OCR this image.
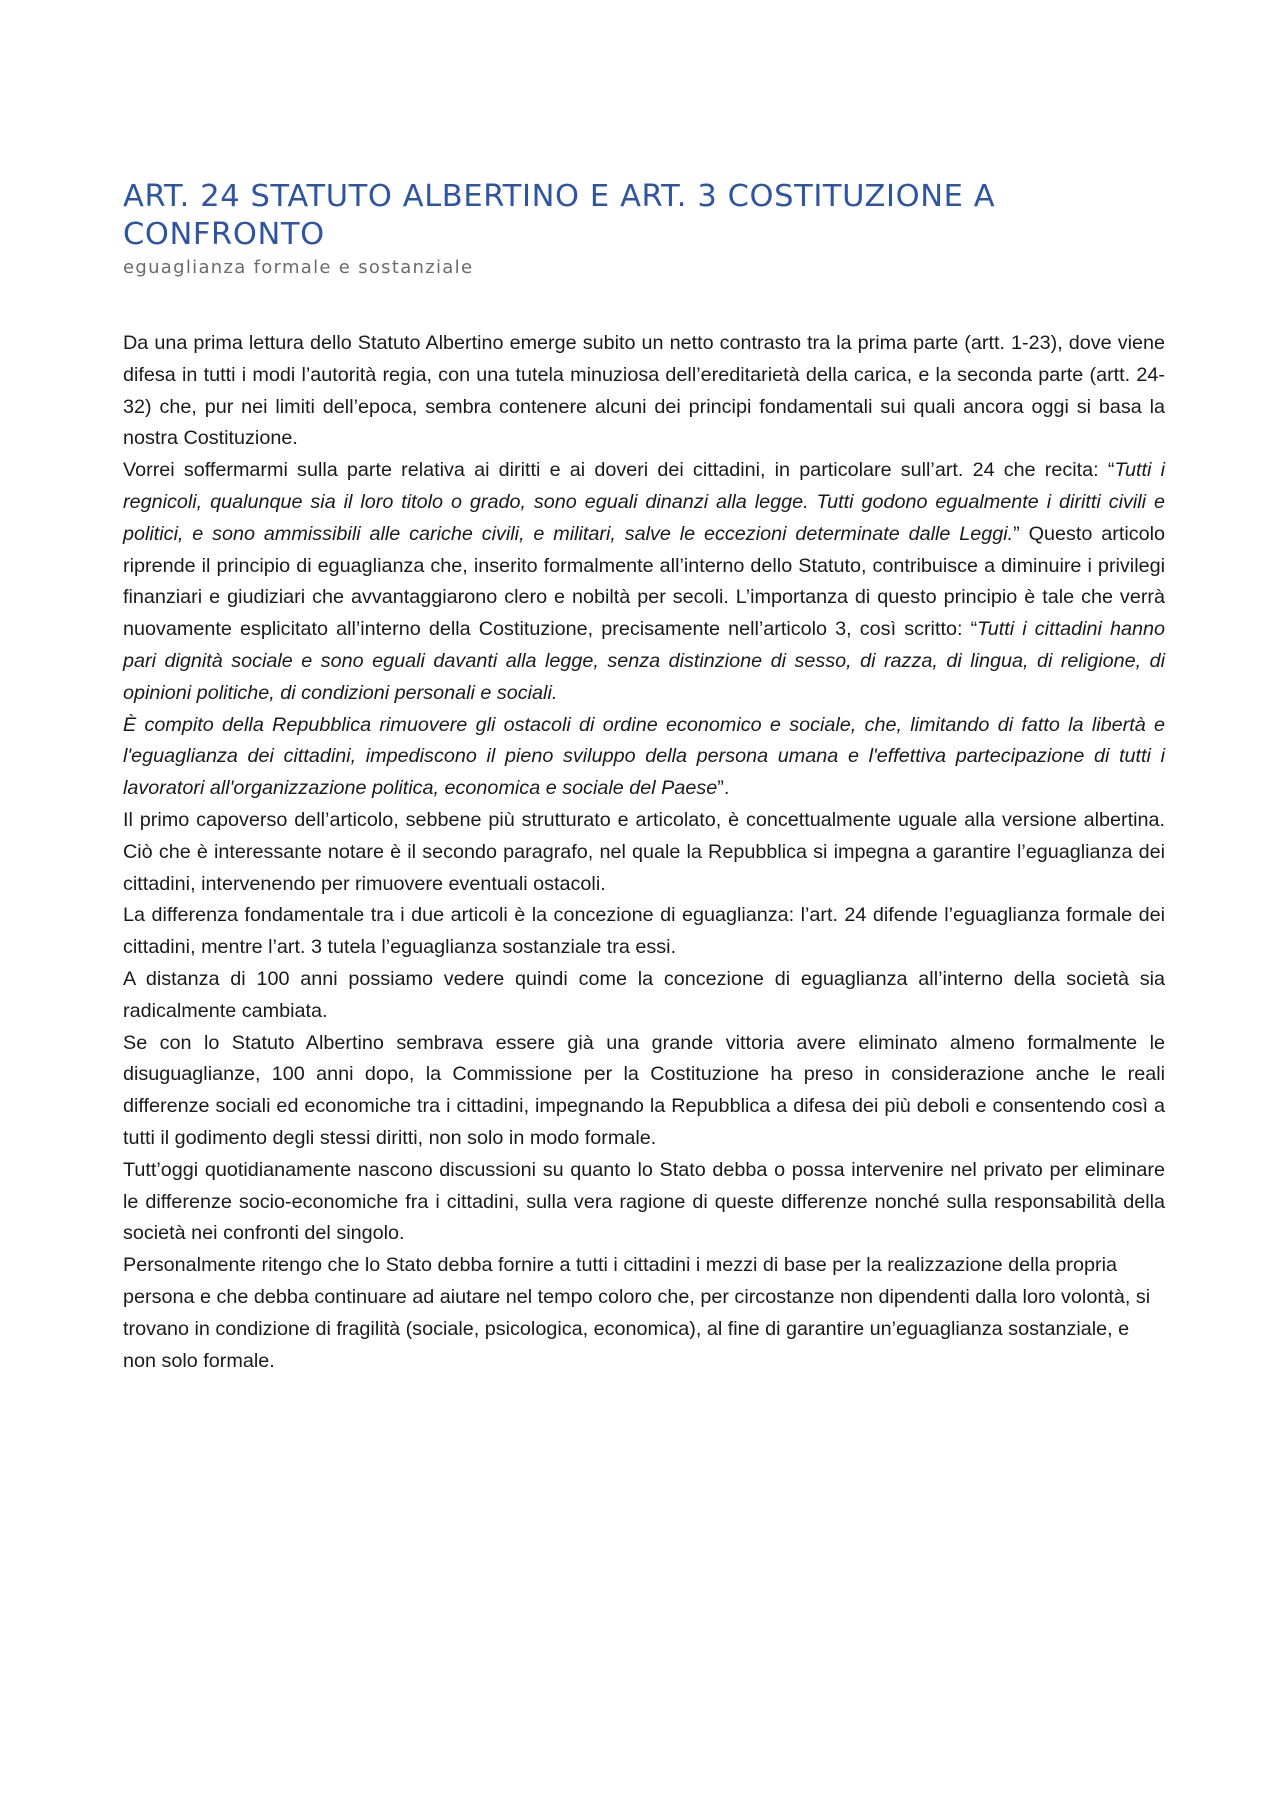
ART. 24 STATUTO ALBERTINO E ART. 3 COSTITUZIONE A CONFRONTO
eguaglianza formale e sostanziale

Da una prima lettura dello Statuto Albertino emerge subito un netto contrasto tra la prima parte (artt. 1-23), dove viene difesa in tutti i modi l’autorità regia, con una tutela minuziosa dell’ereditarietà della carica, e la seconda parte (artt. 24-32) che, pur nei limiti dell’epoca, sembra contenere alcuni dei principi fondamentali sui quali ancora oggi si basa la nostra Costituzione.

Vorrei soffermarmi sulla parte relativa ai diritti e ai doveri dei cittadini, in particolare sull’art. 24 che recita: “Tutti i regnicoli, qualunque sia il loro titolo o grado, sono eguali dinanzi alla legge. Tutti godono egualmente i diritti civili e politici, e sono ammissibili alle cariche civili, e militari, salve le eccezioni determinate dalle Leggi.” Questo articolo riprende il principio di eguaglianza che, inserito formalmente all’interno dello Statuto, contribuisce a diminuire i privilegi finanziari e giudiziari che avvantaggiarono clero e nobiltà per secoli. L’importanza di questo principio è tale che verrà nuovamente esplicitato all’interno della Costituzione, precisamente nell’articolo 3, così scritto: “Tutti i cittadini hanno pari dignità sociale e sono eguali davanti alla legge, senza distinzione di sesso, di razza, di lingua, di religione, di opinioni politiche, di condizioni personali e sociali.

È compito della Repubblica rimuovere gli ostacoli di ordine economico e sociale, che, limitando di fatto la libertà e l'eguaglianza dei cittadini, impediscono il pieno sviluppo della persona umana e l'effettiva partecipazione di tutti i lavoratori all'organizzazione politica, economica e sociale del Paese”.

Il primo capoverso dell’articolo, sebbene più strutturato e articolato, è concettualmente uguale alla versione albertina. Ciò che è interessante notare è il secondo paragrafo, nel quale la Repubblica si impegna a garantire l’eguaglianza dei cittadini, intervenendo per rimuovere eventuali ostacoli.

La differenza fondamentale tra i due articoli è la concezione di eguaglianza: l’art. 24 difende l’eguaglianza formale dei cittadini, mentre l’art. 3 tutela l’eguaglianza sostanziale tra essi.

A distanza di 100 anni possiamo vedere quindi come la concezione di eguaglianza all’interno della società sia radicalmente cambiata.

Se con lo Statuto Albertino sembrava essere già una grande vittoria avere eliminato almeno formalmente le disuguaglianze, 100 anni dopo, la Commissione per la Costituzione ha preso in considerazione anche le reali differenze sociali ed economiche tra i cittadini, impegnando la Repubblica a difesa dei più deboli e consentendo così a tutti il godimento degli stessi diritti, non solo in modo formale.

Tutt’oggi quotidianamente nascono discussioni su quanto lo Stato debba o possa intervenire nel privato per eliminare le differenze socio-economiche fra i cittadini, sulla vera ragione di queste differenze nonché sulla responsabilità della società nei confronti del singolo.

Personalmente ritengo che lo Stato debba fornire a tutti i cittadini i mezzi di base per la realizzazione della propria persona e che debba continuare ad aiutare nel tempo coloro che, per circostanze non dipendenti dalla loro volontà, si trovano in condizione di fragilità (sociale, psicologica, economica), al fine di garantire un’eguaglianza sostanziale, e non solo formale.
